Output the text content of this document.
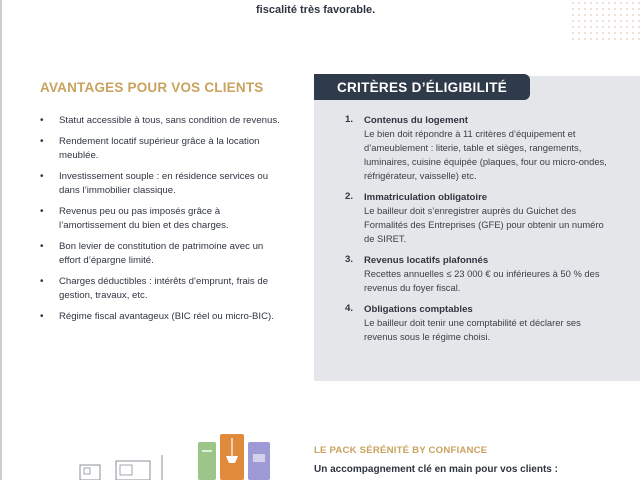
fiscalité très favorable.
AVANTAGES POUR VOS CLIENTS
• Statut accessible à tous, sans condition de revenus.
• Rendement locatif supérieur grâce à la location meublée.
• Investissement souple : en résidence services ou dans l’immobilier classique.
• Revenus peu ou pas imposés grâce à l’amortissement du bien et des charges.
• Bon levier de constitution de patrimoine avec un effort d’épargne limité.
• Charges déductibles : intérêts d’emprunt, frais de gestion, travaux, etc.
• Régime fiscal avantageux (BIC réel ou micro-BIC).
CRITÈRES D’ÉLIGIBILITÉ
1. Contenus du logement
Le bien doit répondre à 11 critères d’équipement et d’ameublement : literie, table et sièges, rangements, luminaires, cuisine équipée (plaques, four ou micro-ondes, réfrigérateur, vaisselle) etc.
2. Immatriculation obligatoire
Le bailleur doit s’enregistrer auprès du Guichet des Formalités des Entreprises (GFE) pour obtenir un numéro de SIRET.
3. Revenus locatifs plafonnés
Recettes annuelles ≤ 23 000 € ou inférieures à 50 % des revenus du foyer fiscal.
4. Obligations comptables
Le bailleur doit tenir une comptabilité et déclarer ses revenus sous le régime choisi.
LE PACK SÉRÉNITÉ BY CONFIANCE
Un accompagnement clé en main pour vos clients :
